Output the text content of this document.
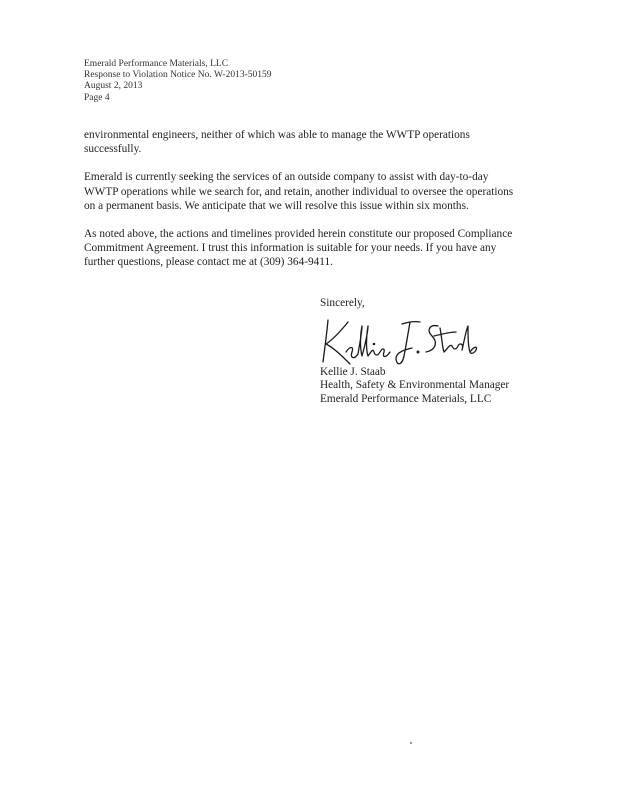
Emerald Performance Materials, LLC
Response to Violation Notice No. W-2013-50159
August 2, 2013
Page 4

environmental engineers, neither of which was able to manage the WWTP operations successfully.

Emerald is currently seeking the services of an outside company to assist with day-to-day WWTP operations while we search for, and retain, another individual to oversee the operations on a permanent basis. We anticipate that we will resolve this issue within six months.

As noted above, the actions and timelines provided herein constitute our proposed Compliance Commitment Agreement. I trust this information is suitable for your needs. If you have any further questions, please contact me at (309) 364-9411.

Sincerely,
Kellie J. Staab
Health, Safety & Environmental Manager
Emerald Performance Materials, LLC
